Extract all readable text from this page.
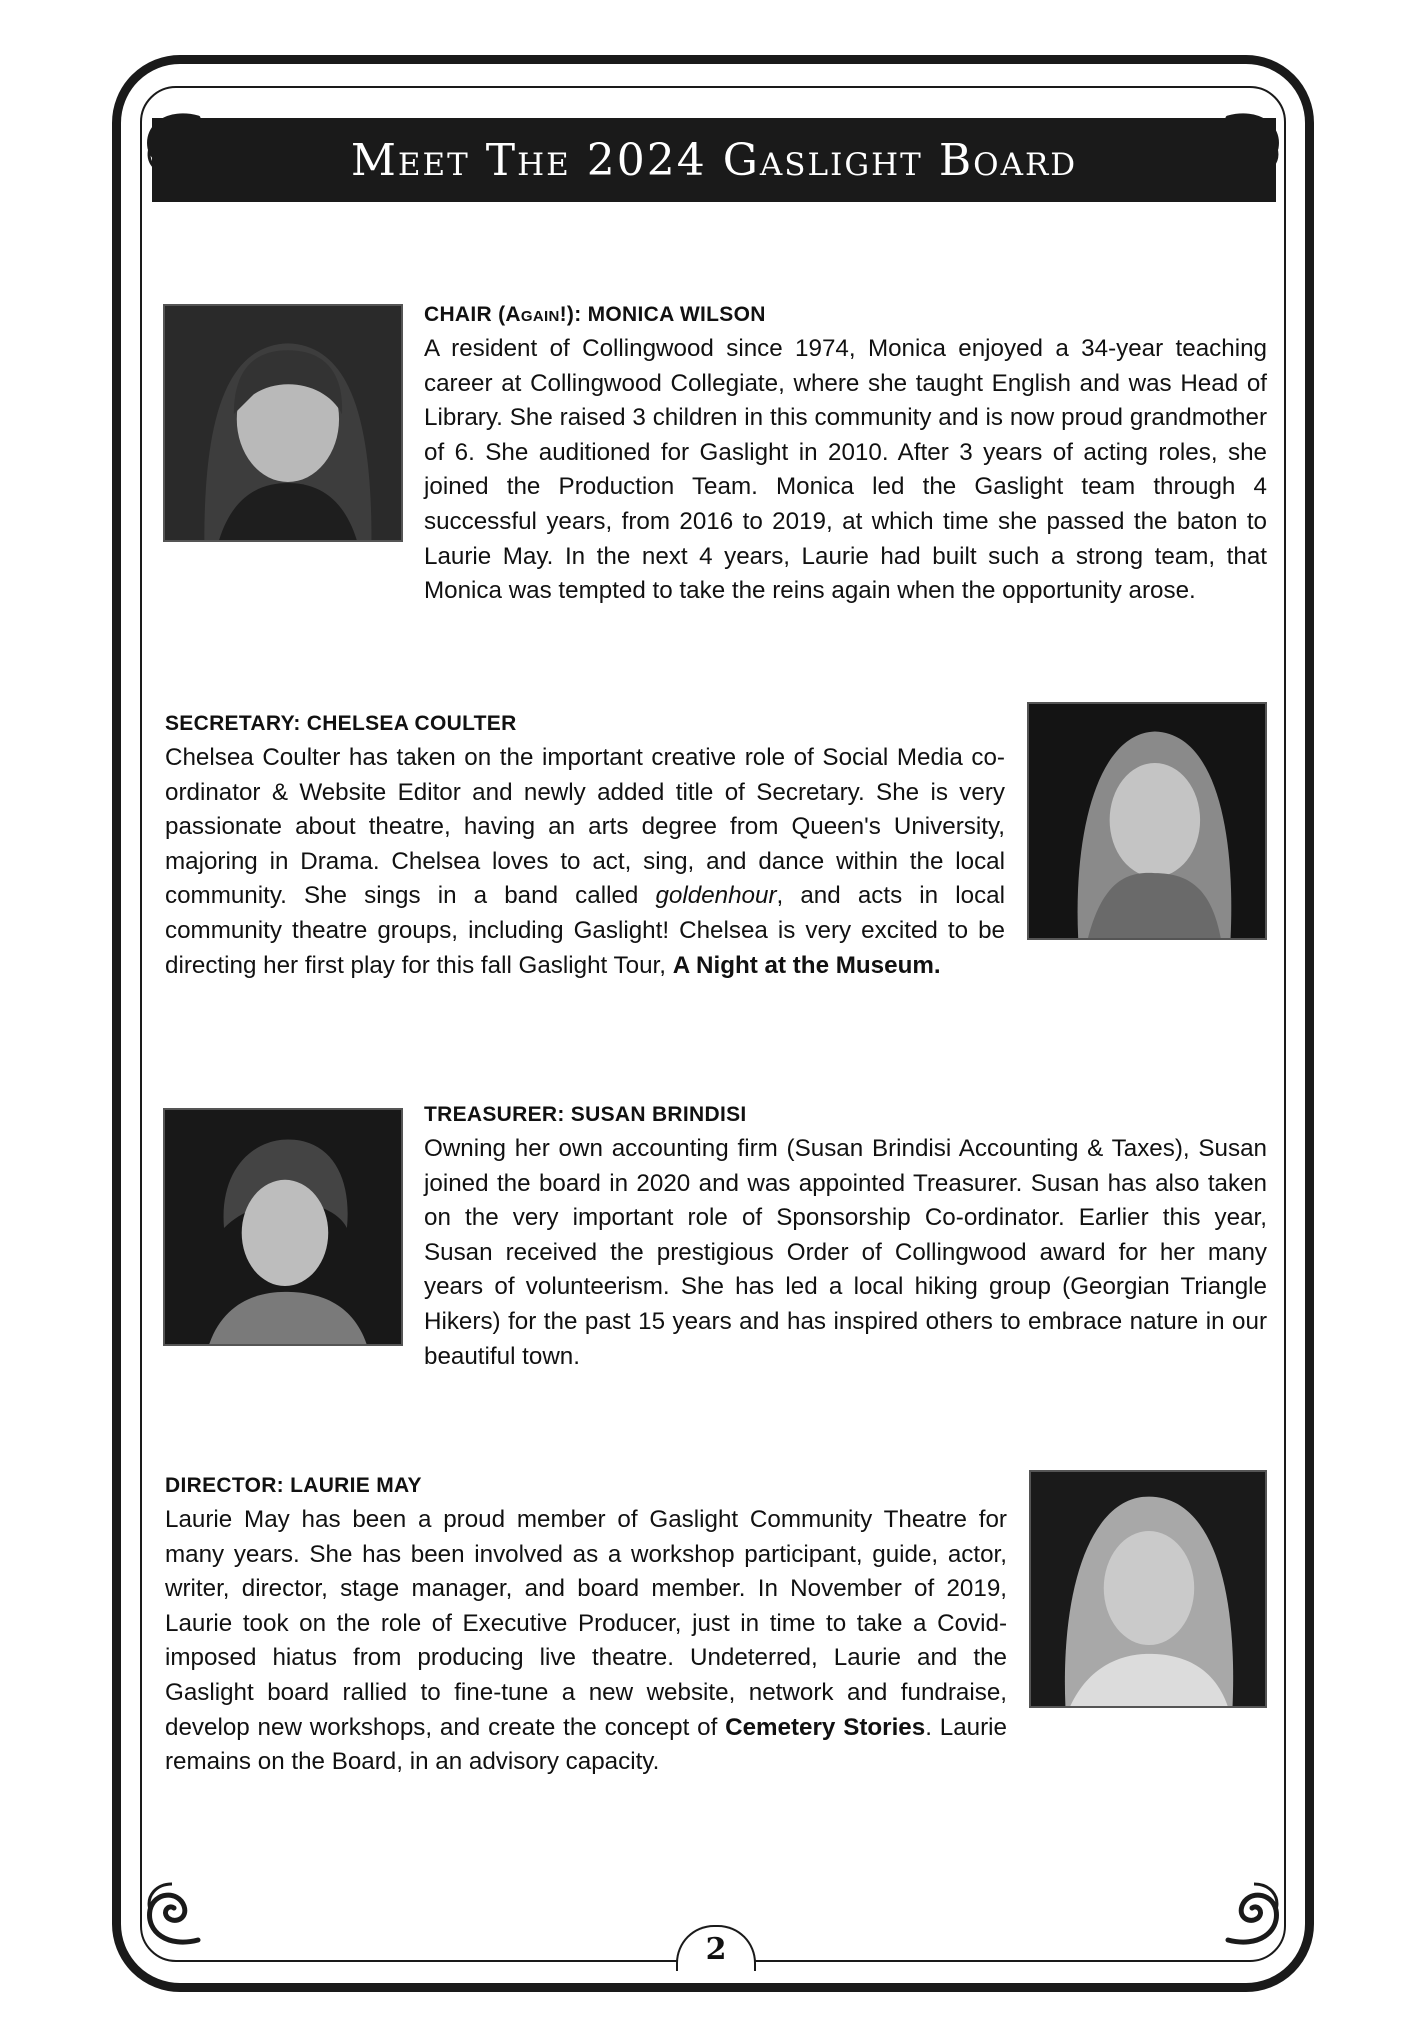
Meet The 2024 Gaslight Board
CHAIR (Again!): MONICA WILSON

A resident of Collingwood since 1974, Monica enjoyed a 34-year teaching career at Collingwood Collegiate, where she taught English and was Head of Library. She raised 3 children in this community and is now proud grandmother of 6. She auditioned for Gaslight in 2010. After 3 years of acting roles, she joined the Production Team. Monica led the Gaslight team through 4 successful years, from 2016 to 2019, at which time she passed the baton to Laurie May. In the next 4 years, Laurie had built such a strong team, that Monica was tempted to take the reins again when the opportunity arose.

SECRETARY: CHELSEA COULTER

Chelsea Coulter has taken on the important creative role of Social Media co-ordinator & Website Editor and newly added title of Secretary. She is very passionate about theatre, having an arts degree from Queen's University, majoring in Drama. Chelsea loves to act, sing, and dance within the local community. She sings in a band called goldenhour, and acts in local community theatre groups, including Gaslight! Chelsea is very excited to be directing her first play for this fall Gaslight Tour, A Night at the Museum.

TREASURER: SUSAN BRINDISI

Owning her own accounting firm (Susan Brindisi Accounting & Taxes), Susan joined the board in 2020 and was appointed Treasurer. Susan has also taken on the very important role of Sponsorship Co-ordinator. Earlier this year, Susan received the prestigious Order of Collingwood award for her many years of volunteerism. She has led a local hiking group (Georgian Triangle Hikers) for the past 15 years and has inspired others to embrace nature in our beautiful town.

DIRECTOR: LAURIE MAY

Laurie May has been a proud member of Gaslight Community Theatre for many years. She has been involved as a workshop participant, guide, actor, writer, director, stage manager, and board member. In November of 2019, Laurie took on the role of Executive Producer, just in time to take a Covid-imposed hiatus from producing live theatre. Undeterred, Laurie and the Gaslight board rallied to fine-tune a new website, network and fundraise, develop new workshops, and create the concept of Cemetery Stories. Laurie remains on the Board, in an advisory capacity.

2
